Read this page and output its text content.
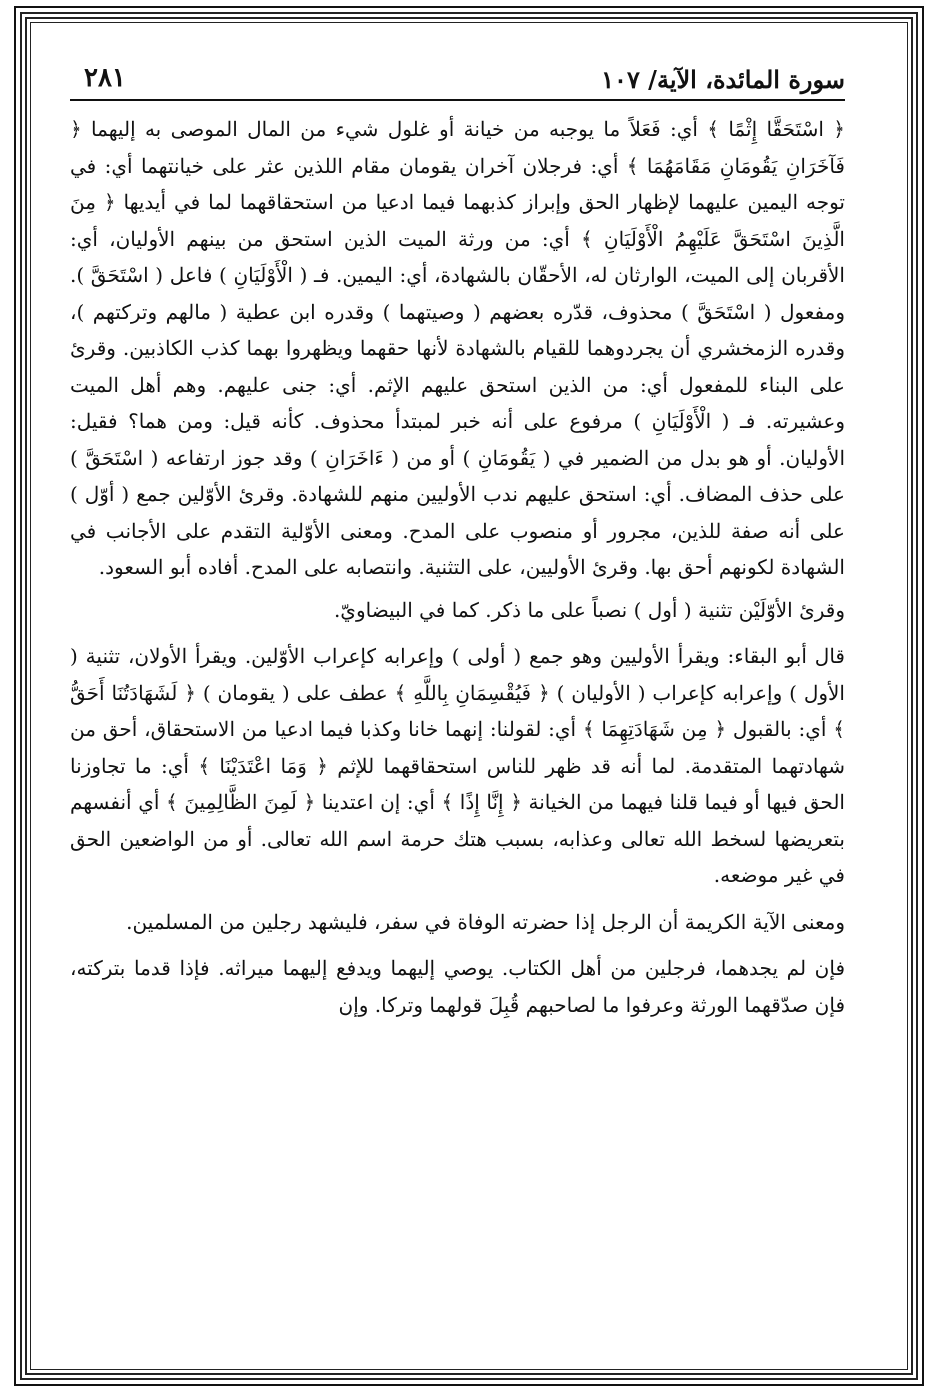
سورة المائدة، الآية/ ١٠٧
٢٨١

﴿ اسْتَحَقَّا إِثْمًا ﴾ أي: فَعَلاً ما يوجبه من خيانة أو غلول شيء من المال الموصى به إليهما ﴿ فَآخَرَانِ يَقُومَانِ مَقَامَهُمَا ﴾ أي: فرجلان آخران يقومان مقام اللذين عثر على خيانتهما أي: في توجه اليمين عليهما لإظهار الحق وإبراز كذبهما فيما ادعيا من استحقاقهما لما في أيديها ﴿ مِنَ الَّذِينَ اسْتَحَقَّ عَلَيْهِمُ الْأَوْلَيَانِ ﴾ أي: من ورثة الميت الذين استحق من بينهم الأوليان، أي: الأقربان إلى الميت، الوارثان له، الأحقّان بالشهادة، أي: اليمين. فـ ( الْأَوْلَيَانِ ) فاعل ( اسْتَحَقَّ ). ومفعول ( اسْتَحَقَّ ) محذوف، قدّره بعضهم ( وصيتهما ) وقدره ابن عطية ( مالهم وتركتهم )، وقدره الزمخشري أن يجردوهما للقيام بالشهادة لأنها حقهما ويظهروا بهما كذب الكاذبين. وقرئ على البناء للمفعول أي: من الذين استحق عليهم الإثم. أي: جنى عليهم. وهم أهل الميت وعشيرته. فـ ( الْأَوْلَيَانِ ) مرفوع على أنه خبر لمبتدأ محذوف. كأنه قيل: ومن هما؟ فقيل: الأوليان. أو هو بدل من الضمير في ( يَقُومَانِ ) أو من ( ءَاخَرَانِ ) وقد جوز ارتفاعه ( اسْتَحَقَّ ) على حذف المضاف. أي: استحق عليهم ندب الأوليين منهم للشهادة. وقرئ الأوّلين جمع ( أوّل ) على أنه صفة للذين، مجرور أو منصوب على المدح. ومعنى الأوّلية التقدم على الأجانب في الشهادة لكونهم أحق بها. وقرئ الأوليين، على التثنية. وانتصابه على المدح. أفاده أبو السعود.

وقرئ الأوّلَيْن تثنية ( أول ) نصباً على ما ذكر. كما في البيضاويّ.

قال أبو البقاء: ويقرأ الأوليين وهو جمع ( أولى ) وإعرابه كإعراب الأوّلين. ويقرأ الأولان، تثنية ( الأول ) وإعرابه كإعراب ( الأوليان ) ﴿ فَيُقْسِمَانِ بِاللَّهِ ﴾ عطف على ( يقومان ) ﴿ لَشَهَادَتُنَا أَحَقُّ ﴾ أي: بالقبول ﴿ مِن شَهَادَتِهِمَا ﴾ أي: لقولنا: إنهما خانا وكذبا فيما ادعيا من الاستحقاق، أحق من شهادتهما المتقدمة. لما أنه قد ظهر للناس استحقاقهما للإثم ﴿ وَمَا اعْتَدَيْنَا ﴾ أي: ما تجاوزنا الحق فيها أو فيما قلنا فيهما من الخيانة ﴿ إِنَّا إِذًا ﴾ أي: إن اعتدينا ﴿ لَمِنَ الظَّالِمِينَ ﴾ أي أنفسهم بتعريضها لسخط الله تعالى وعذابه، بسبب هتك حرمة اسم الله تعالى. أو من الواضعين الحق في غير موضعه.

ومعنى الآية الكريمة أن الرجل إذا حضرته الوفاة في سفر، فليشهد رجلين من المسلمين.

فإن لم يجدهما، فرجلين من أهل الكتاب. يوصي إليهما ويدفع إليهما ميراثه. فإذا قدما بتركته، فإن صدّقهما الورثة وعرفوا ما لصاحبهم قُبِلَ قولهما وتركا. وإن
